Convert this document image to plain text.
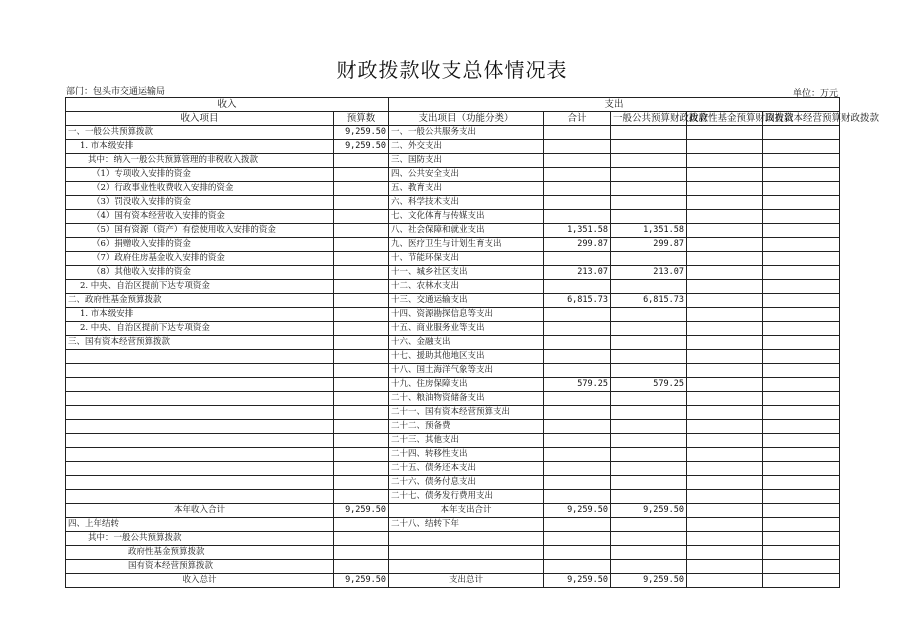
财政拨款收支总体情况表
部门：包头市交通运输局	单位：万元
收入		支出				
收入项目	预算数	支出项目（功能分类）	合计	一般公共预算财政拨款	政府性基金预算财政拨款	国有资本经营预算财政拨款
一、一般公共预算拨款	9,259.50	一、一般公共服务支出				
1. 市本级安排	9,259.50	二、外交支出				
其中：纳入一般公共预算管理的非税收入拨款		三、国防支出				
（1）专项收入安排的资金		四、公共安全支出				
（2）行政事业性收费收入安排的资金		五、教育支出				
（3）罚没收入安排的资金		六、科学技术支出				
（4）国有资本经营收入安排的资金		七、文化体育与传媒支出				
（5）国有资源（资产）有偿使用收入安排的资金		八、社会保障和就业支出	1,351.58	1,351.58		
（6）捐赠收入安排的资金		九、医疗卫生与计划生育支出	299.87	299.87		
（7）政府住房基金收入安排的资金		十、节能环保支出				
（8）其他收入安排的资金		十一、城乡社区支出	213.07	213.07		
2. 中央、自治区提前下达专项资金		十二、农林水支出				
二、政府性基金预算拨款		十三、交通运输支出	6,815.73	6,815.73		
1. 市本级安排		十四、资源勘探信息等支出				
2. 中央、自治区提前下达专项资金		十五、商业服务业等支出				
三、国有资本经营预算拨款		十六、金融支出				
		十七、援助其他地区支出				
		十八、国土海洋气象等支出				
		十九、住房保障支出	579.25	579.25		
		二十、粮油物资储备支出				
		二十一、国有资本经营预算支出				
		二十二、预备费				
		二十三、其他支出				
		二十四、转移性支出				
		二十五、债务还本支出				
		二十六、债务付息支出				
		二十七、债务发行费用支出				
本年收入合计	9,259.50	本年支出合计	9,259.50	9,259.50		
四、上年结转		二十八、结转下年				
其中：一般公共预算拨款						
政府性基金预算拨款						
国有资本经营预算拨款						
收入总计	9,259.50	支出总计	9,259.50	9,259.50		
